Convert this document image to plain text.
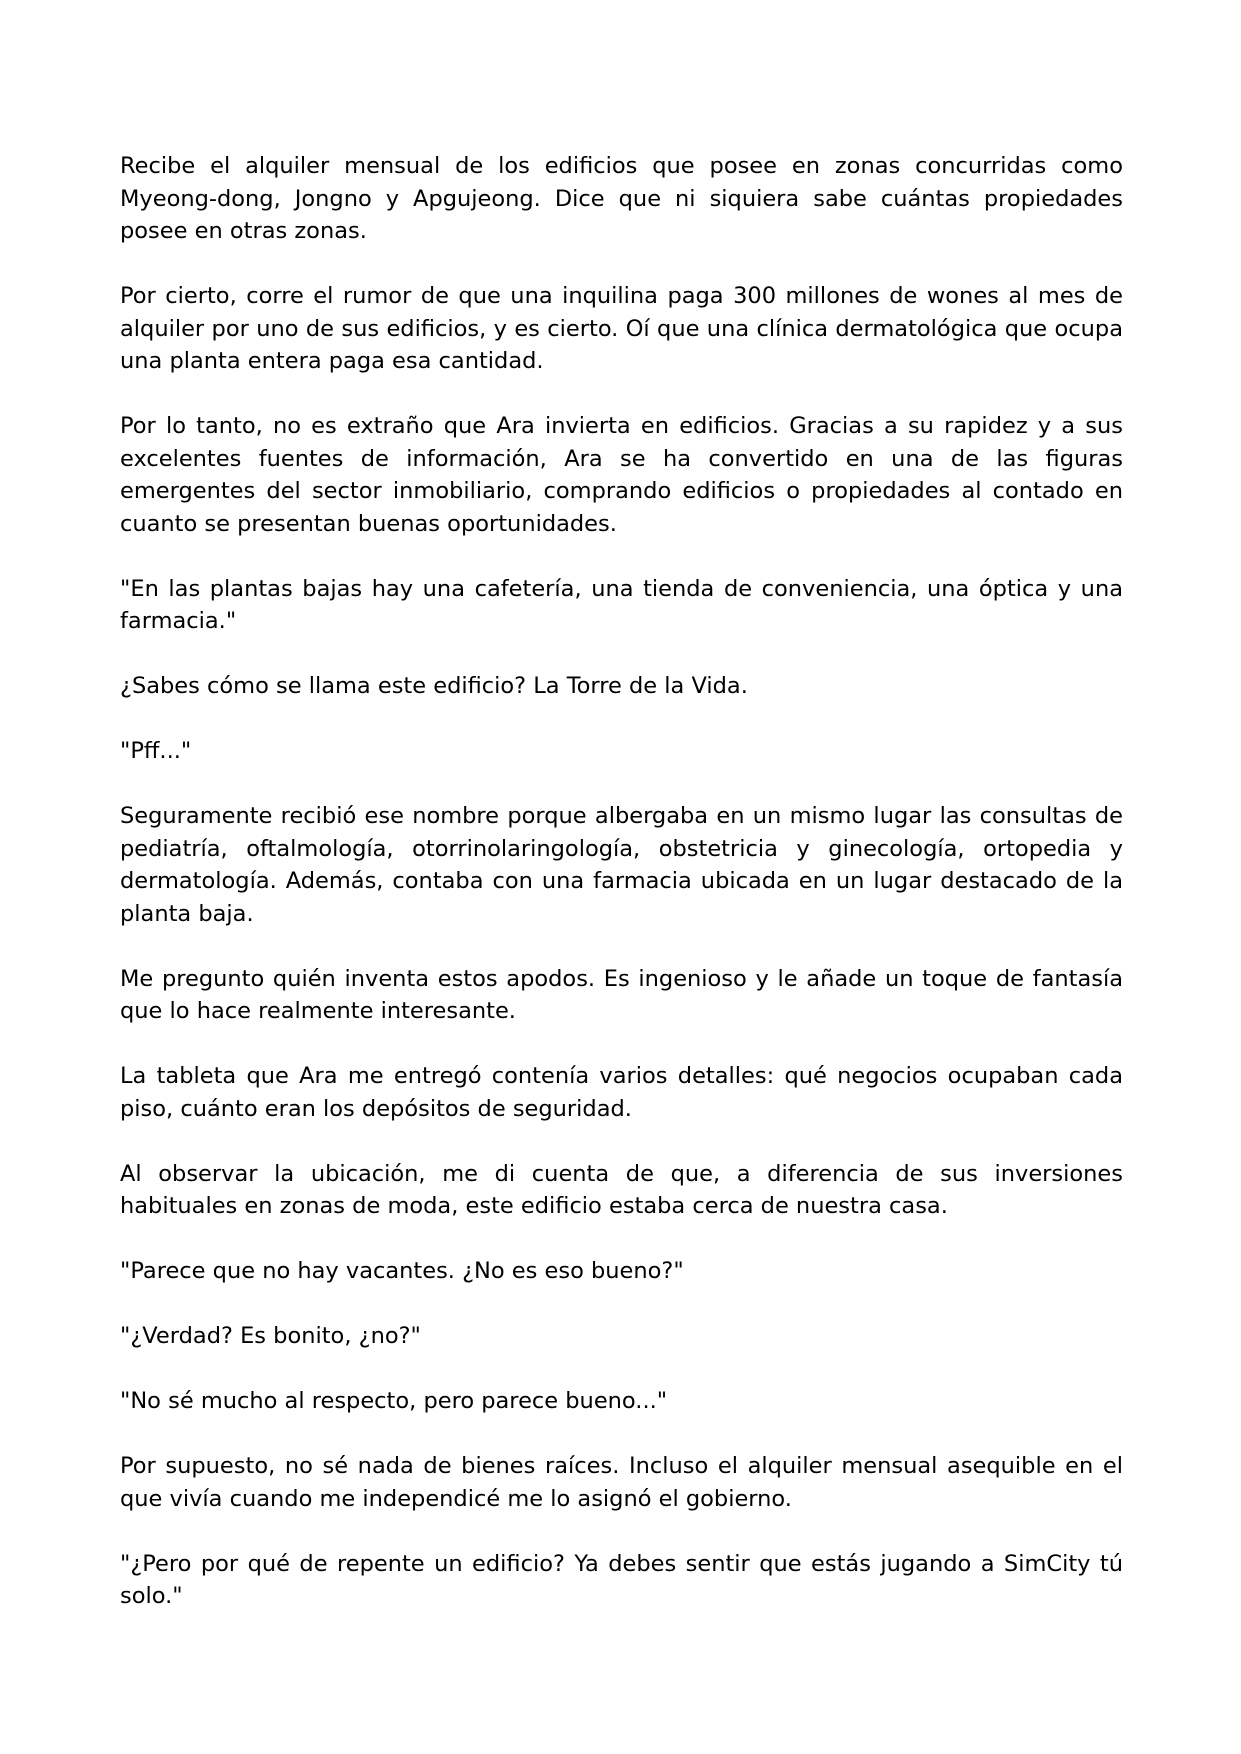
Recibe el alquiler mensual de los edificios que posee en zonas concurridas como Myeong-dong, Jongno y Apgujeong. Dice que ni siquiera sabe cuántas propiedades posee en otras zonas.

Por cierto, corre el rumor de que una inquilina paga 300 millones de wones al mes de alquiler por uno de sus edificios, y es cierto. Oí que una clínica dermatológica que ocupa una planta entera paga esa cantidad.

Por lo tanto, no es extraño que Ara invierta en edificios. Gracias a su rapidez y a sus excelentes fuentes de información, Ara se ha convertido en una de las figuras emergentes del sector inmobiliario, comprando edificios o propiedades al contado en cuanto se presentan buenas oportunidades.

"En las plantas bajas hay una cafetería, una tienda de conveniencia, una óptica y una farmacia."

¿Sabes cómo se llama este edificio? La Torre de la Vida.

"Pff..."

Seguramente recibió ese nombre porque albergaba en un mismo lugar las consultas de pediatría, oftalmología, otorrinolaringología, obstetricia y ginecología, ortopedia y dermatología. Además, contaba con una farmacia ubicada en un lugar destacado de la planta baja.

Me pregunto quién inventa estos apodos. Es ingenioso y le añade un toque de fantasía que lo hace realmente interesante.

La tableta que Ara me entregó contenía varios detalles: qué negocios ocupaban cada piso, cuánto eran los depósitos de seguridad.

Al observar la ubicación, me di cuenta de que, a diferencia de sus inversiones habituales en zonas de moda, este edificio estaba cerca de nuestra casa.

"Parece que no hay vacantes. ¿No es eso bueno?"

"¿Verdad? Es bonito, ¿no?"

"No sé mucho al respecto, pero parece bueno..."

Por supuesto, no sé nada de bienes raíces. Incluso el alquiler mensual asequible en el que vivía cuando me independicé me lo asignó el gobierno.

"¿Pero por qué de repente un edificio? Ya debes sentir que estás jugando a SimCity tú solo."
